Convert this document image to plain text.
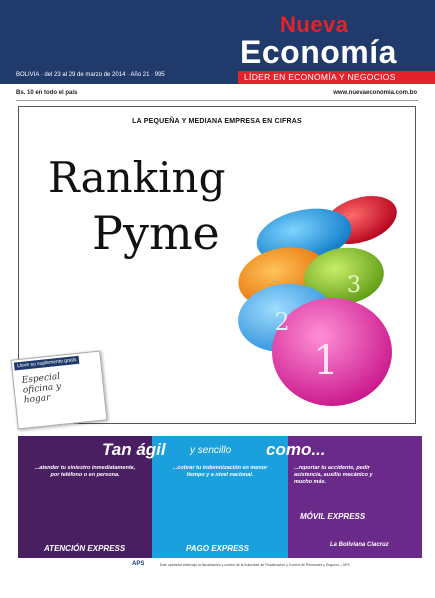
Nueva
Economía
LÍDER EN ECONOMÍA Y NEGOCIOS
BOLIVIA · del 23 al 29 de marzo de 2014 · Año 21 · 995
Bs. 10 en todo el país	www.nuevaeconomia.com.bo
LA PEQUEÑA Y MEDIANA EMPRESA EN CIFRAS
Ranking
Pyme
3
2
1
Lleve su suplemento gratis
Especial
oficina y
hogar
Tan ágil y sencillo como...
...atender tu siniestro inmediatamente, por teléfono o en persona.
...cobrar tu indemnización en menor tiempo y a nivel nacional.
...reportar tu accidente, pedir asistencia, auxilio mecánico y mucho más.
ATENCIÓN EXPRESS	PAGO EXPRESS
MÓVIL EXPRESS
La Boliviana Ciacruz
APS	Este operador está bajo la fiscalización y control de la Autoridad de Fiscalización y Control de Pensiones y Seguros – APS
